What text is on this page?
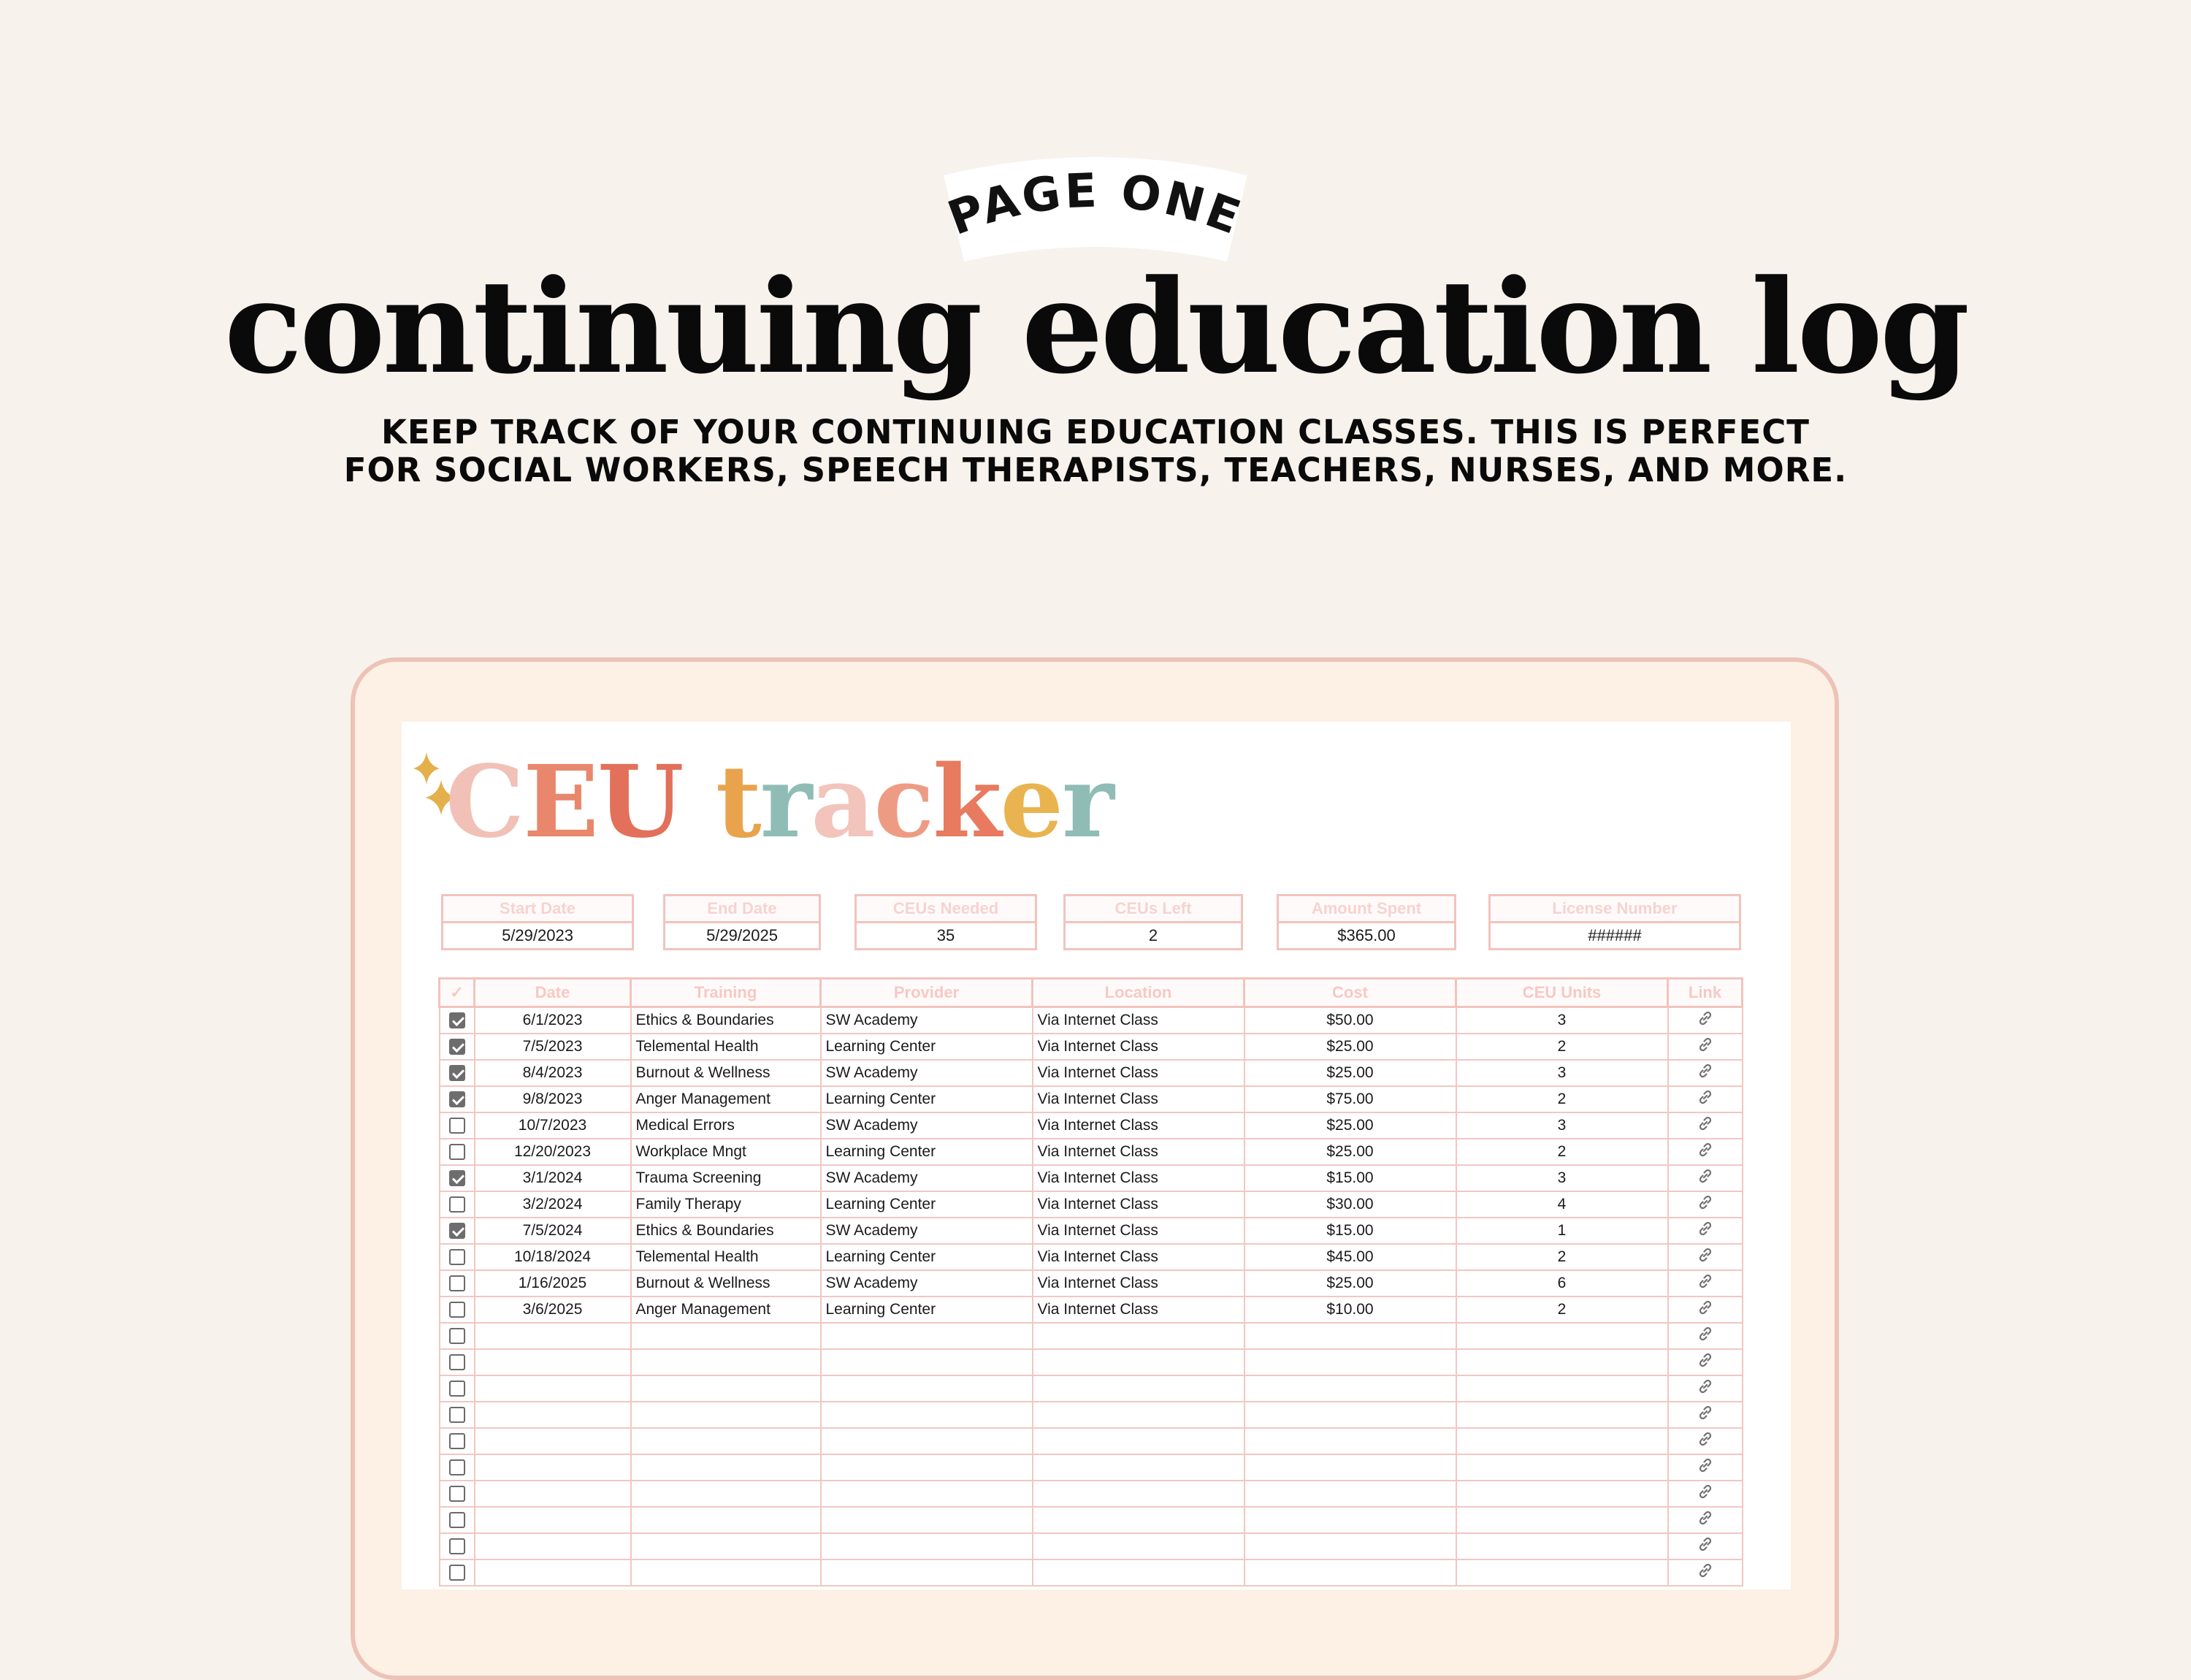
PAGE ONE
continuing education log
KEEP TRACK OF YOUR CONTINUING EDUCATION CLASSES. THIS IS PERFECT
FOR SOCIAL WORKERS, SPEECH THERAPISTS, TEACHERS, NURSES, AND MORE.
CEU tracker
Start Date
5/29/2023
End Date
5/29/2025
CEUs Needed
35
CEUs Left
2
Amount Spent
$365.00
License Number
######
✓	Date	Training	Provider	Location	Cost	CEU Units	Link
	6/1/2023	Ethics & Boundaries	SW Academy	Via Internet Class	$50.00	3	
	7/5/2023	Telemental Health	Learning Center	Via Internet Class	$25.00	2	
	8/4/2023	Burnout & Wellness	SW Academy	Via Internet Class	$25.00	3	
	9/8/2023	Anger Management	Learning Center	Via Internet Class	$75.00	2	
	10/7/2023	Medical Errors	SW Academy	Via Internet Class	$25.00	3	
	12/20/2023	Workplace Mngt	Learning Center	Via Internet Class	$25.00	2	
	3/1/2024	Trauma Screening	SW Academy	Via Internet Class	$15.00	3	
	3/2/2024	Family Therapy	Learning Center	Via Internet Class	$30.00	4	
	7/5/2024	Ethics & Boundaries	SW Academy	Via Internet Class	$15.00	1	
	10/18/2024	Telemental Health	Learning Center	Via Internet Class	$45.00	2	
	1/16/2025	Burnout & Wellness	SW Academy	Via Internet Class	$25.00	6	
	3/6/2025	Anger Management	Learning Center	Via Internet Class	$10.00	2	
